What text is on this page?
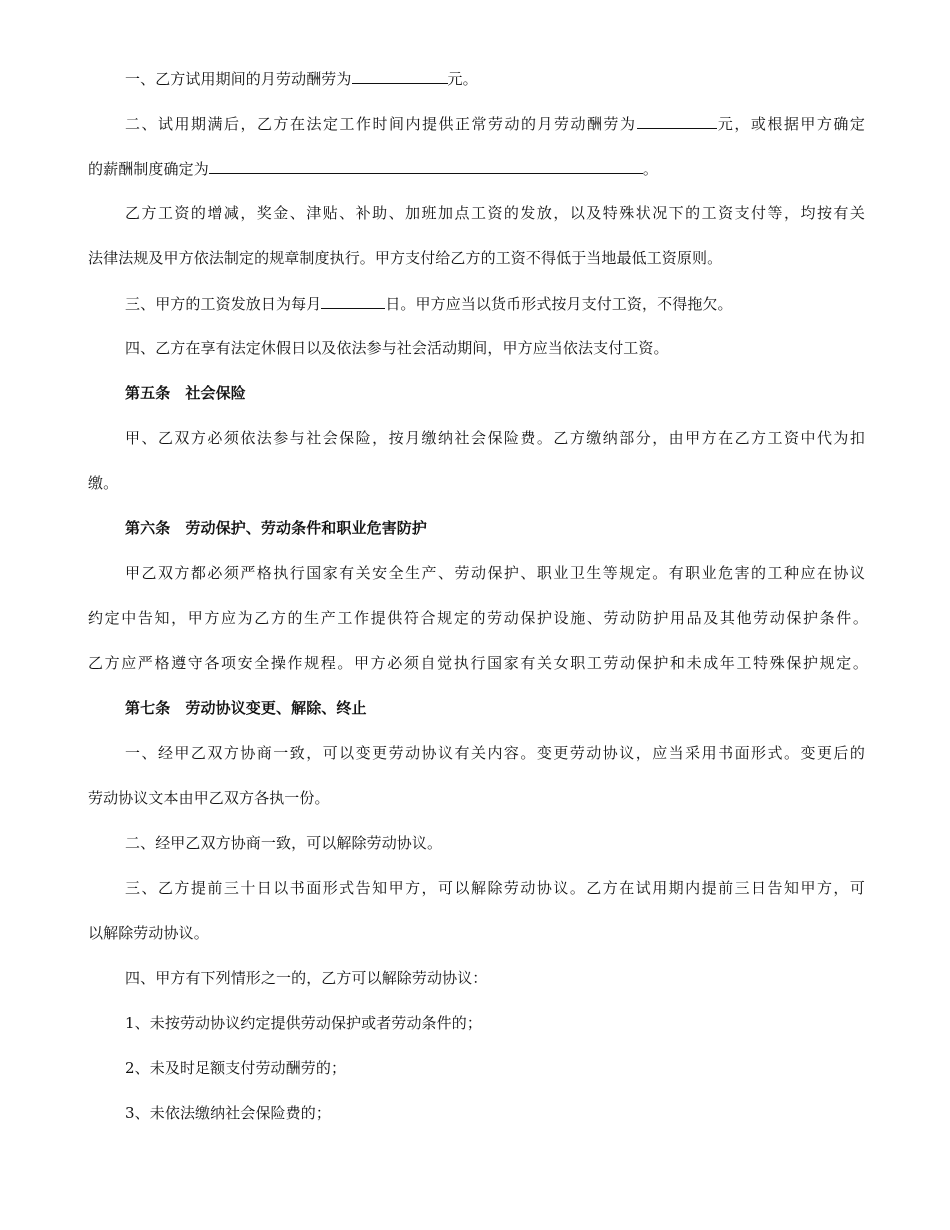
一、乙方试用期间的月劳动酬劳为	元。
二、试用期满后，乙方在法定工作时间内提供正常劳动的月劳动酬劳为	元，或根据甲方确定
的薪酬制度确定为	。
乙方工资的增减，奖金、津贴、补助、加班加点工资的发放，以及特殊状况下的工资支付等，均按有关
法律法规及甲方依法制定的规章制度执行。甲方支付给乙方的工资不得低于当地最低工资原则。
三、甲方的工资发放日为每月	日。甲方应当以货币形式按月支付工资，不得拖欠。
四、乙方在享有法定休假日以及依法参与社会活动期间，甲方应当依法支付工资。
第五条　社会保险
甲、乙双方必须依法参与社会保险，按月缴纳社会保险费。乙方缴纳部分，由甲方在乙方工资中代为扣
缴。
第六条　劳动保护、劳动条件和职业危害防护
甲乙双方都必须严格执行国家有关安全生产、劳动保护、职业卫生等规定。有职业危害的工种应在协议
约定中告知，甲方应为乙方的生产工作提供符合规定的劳动保护设施、劳动防护用品及其他劳动保护条件。
乙方应严格遵守各项安全操作规程。甲方必须自觉执行国家有关女职工劳动保护和未成年工特殊保护规定。
第七条　劳动协议变更、解除、终止
一、经甲乙双方协商一致，可以变更劳动协议有关内容。变更劳动协议，应当采用书面形式。变更后的
劳动协议文本由甲乙双方各执一份。
二、经甲乙双方协商一致，可以解除劳动协议。
三、乙方提前三十日以书面形式告知甲方，可以解除劳动协议。乙方在试用期内提前三日告知甲方，可
以解除劳动协议。
四、甲方有下列情形之一的，乙方可以解除劳动协议：
1、未按劳动协议约定提供劳动保护或者劳动条件的；
2、未及时足额支付劳动酬劳的；
3、未依法缴纳社会保险费的；
